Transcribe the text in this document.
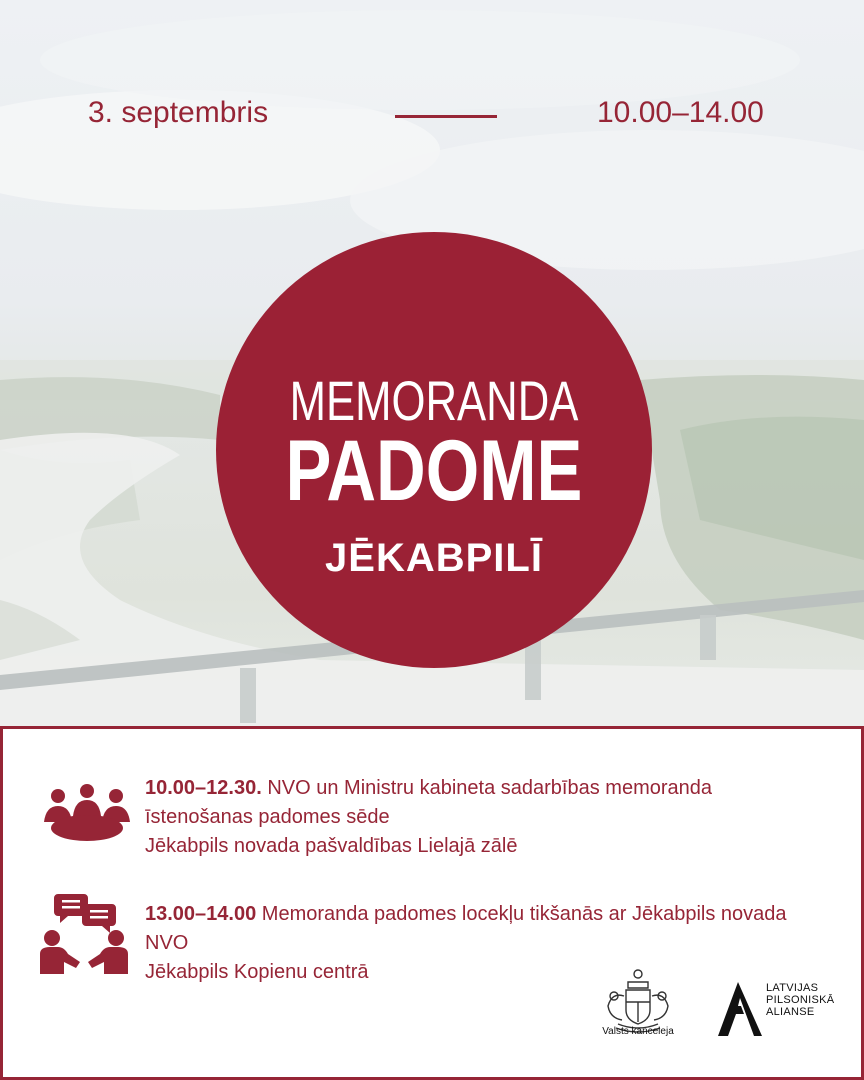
3. septembris	10.00–14.00
MEMORANDA
PADOME
JĒKABPILĪ
10.00–12.30. NVO un Ministru kabineta sadarbības memoranda īstenošanas padomes sēde
Jēkabpils novada pašvaldības Lielajā zālē
13.00–14.00 Memoranda padomes locekļu tikšanās ar Jēkabpils novada NVO
Jēkabpils Kopienu centrā
Valsts kanceleja
LATVIJAS
PILSONISKĀ
ALIANSE
